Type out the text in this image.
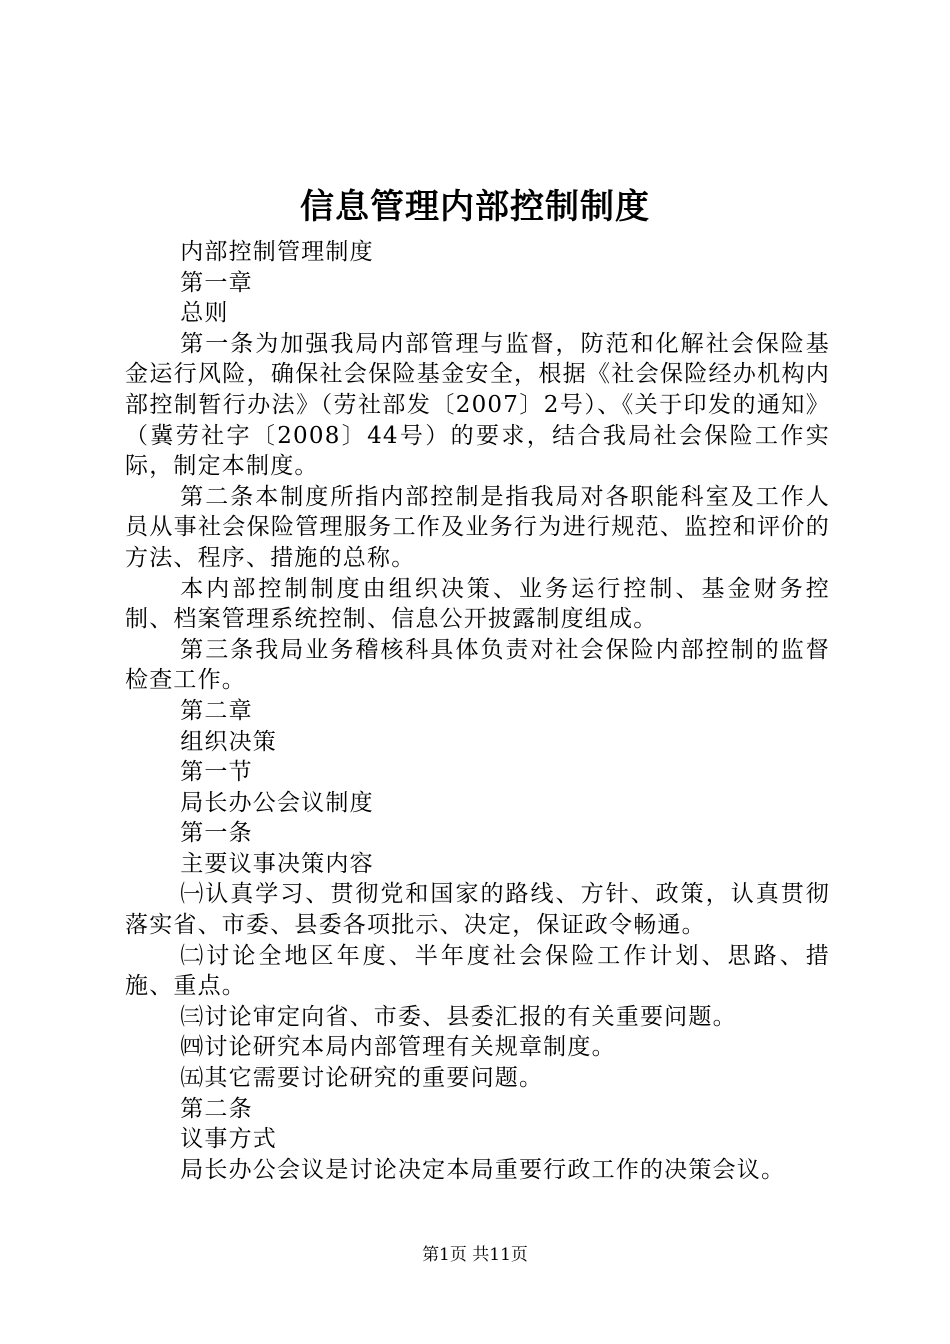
信息管理内部控制制度

内部控制管理制度

第一章

总则

第一条为加强我局内部管理与监督，防范和化解社会保险基金运行风险，确保社会保险基金安全，根据《社会保险经办机构内部控制暂行办法》（劳社部发〔2007〕2号）、《关于印发的通知》（冀劳社字〔2008〕44号）的要求，结合我局社会保险工作实际，制定本制度。

第二条本制度所指内部控制是指我局对各职能科室及工作人员从事社会保险管理服务工作及业务行为进行规范、监控和评价的方法、程序、措施的总称。

本内部控制制度由组织决策、业务运行控制、基金财务控制、档案管理系统控制、信息公开披露制度组成。

第三条我局业务稽核科具体负责对社会保险内部控制的监督检查工作。

第二章

组织决策

第一节

局长办公会议制度

第一条

主要议事决策内容

㈠认真学习、贯彻党和国家的路线、方针、政策，认真贯彻落实省、市委、县委各项批示、决定，保证政令畅通。

㈡讨论全地区年度、半年度社会保险工作计划、思路、措施、重点。

㈢讨论审定向省、市委、县委汇报的有关重要问题。

㈣讨论研究本局内部管理有关规章制度。

㈤其它需要讨论研究的重要问题。

第二条

议事方式

局长办公会议是讨论决定本局重要行政工作的决策会议。

第1页 共11页
